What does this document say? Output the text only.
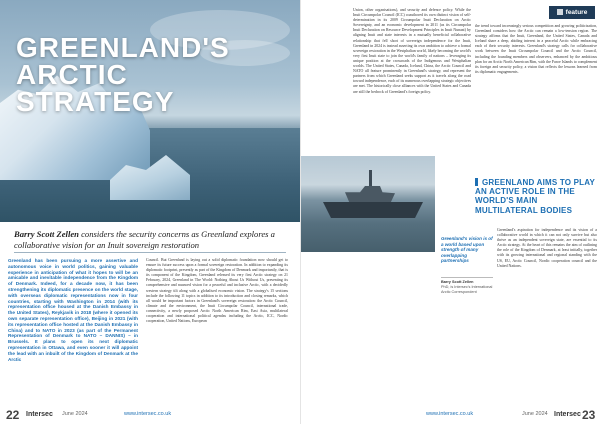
GREENLAND'S
ARCTIC
STRATEGY

Barry Scott Zellen considers the security concerns as Greenland explores a collaborative vision for an Inuit sovereign restoration

Greenland has been pursuing a more assertive and autonomous voice in world politics, gaining valuable experience in anticipation of what it hopes to will be an amicable and inevitable independence from the Kingdom of Denmark. Indeed, for a decade now, it has been strengthening its diplomatic presence on the world stage, with overseas diplomatic representations now in four countries, starting with Washington in 2014 (with its representation office housed at the Danish Embassy in the United States), Reykjavik in 2018 (where it opened its own separate representation office), Beijing in 2021 (with its representation office hosted at the Danish Embassy in China) and to NATO in 2023 (as part of the Permanent Representation of Denmark to NATO – DANNIS) – in Brussels. It plans to open its next diplomatic representation in Ottawa, and even sooner it will appoint the lead with an inbuilt of the Kingdom of Denmark at the Arctic

Council. But Greenland is laying out a solid diplomatic foundation now should get to ensure its future success upon a formal sovereign restoration. In addition to expanding its diplomatic footprint, presently as part of the Kingdom of Denmark and importantly, that is its component of the Kingdom, Greenland released its very first Arctic strategy on 21 February, 2024, Greenland in The World: Nothing About Us Without Us, presenting its comprehensive and nuanced vision for a peaceful and inclusive Arctic, with a decidedly western strategy tilt along with a globalised economic vision. The strategy's 15 sections include the following 11 topics in addition to its introduction and closing remarks, which all would be important factors in Greenland's sovereign restoration: the Arctic Council, climate and the environment, the Inuit Circumpolar Council, international trade, connectivity, a newly proposed Arctic North American Rim, East Asia, multilateral cooperation and international political agendas including the Arctic, ICC, Nordic cooperation, United Nations, European

feature

Union, other organisations), and security and defence policy. While the Inuit Circumpolar Council (ICC) coauthored its own distinct vision of self-determination in its 2009 Circumpolar Inuit Declaration on Arctic Sovereignty, and an economic development in 2011 (as its Circumpolar Inuit Declaration on Resource Development Principles in Inuit Nunaat) by aligning Inuit and state interests in a mutually beneficial collaborative relationship that fell short of sovereign independence for the Inuit, Greenland in 2024 is instead asserting its own ambition to achieve a formal sovereign restoration in the Westphalian world, likely becoming the world's very first Inuit state to join the world's family of nations – leveraging its unique position at the crossroads of the Indigenous and Westphalian worlds. The United States, Canada, Iceland, China, the Arctic Council and NATO all feature prominently in Greenland's strategy, and represent the partners from which Greenland seeks support as it travels along the road toward independence, each of its numerous overlapping strategic objectives are met. The historically close alliances with the United States and Canada are still the bedrock of Greenland's foreign policy.

the trend toward increasingly serious competition and growing politicisation, Greenland considers how the Arctic can remain a low-tension region. The strategy affirms that the Inuit, Greenland, the United States, Canada and Iceland share a deep, abiding interest in a peaceful Arctic while embracing each of their security interests. Greenland's strategy calls for collaborative work between the Inuit Circumpolar Council and the Arctic Council, including the founding members and observers, enhanced by the ambitious plan for an Arctic North American Rim, with the Faroe Islands to complement its foreign and security policy, a vision that reflects the lessons learned from its diplomatic engagements.

GREENLAND AIMS TO PLAY AN ACTIVE ROLE IN THE WORLD'S MAIN MULTILATERAL BODIES

Greenland's aspiration for independence and its vision of a collaborative world in which it can not only survive but also thrive as an independent sovereign state, are essential to its Arctic strategy. At the heart of this remains the aim of outlining the role of the Kingdom of Denmark, at least initially, together with its growing international and regional standing with the US, EU, Arctic Council, Nordic cooperation council and the United Nations.

Greenland's vision is of a world based upon strength of many overlapping partnerships
Barry Scott Zellen
PhD, is Intersec's International Arctic Correspondent
22 Intersec June 2024	www.intersec.co.uk	www.intersec.co.uk	June 2024 Intersec 23
